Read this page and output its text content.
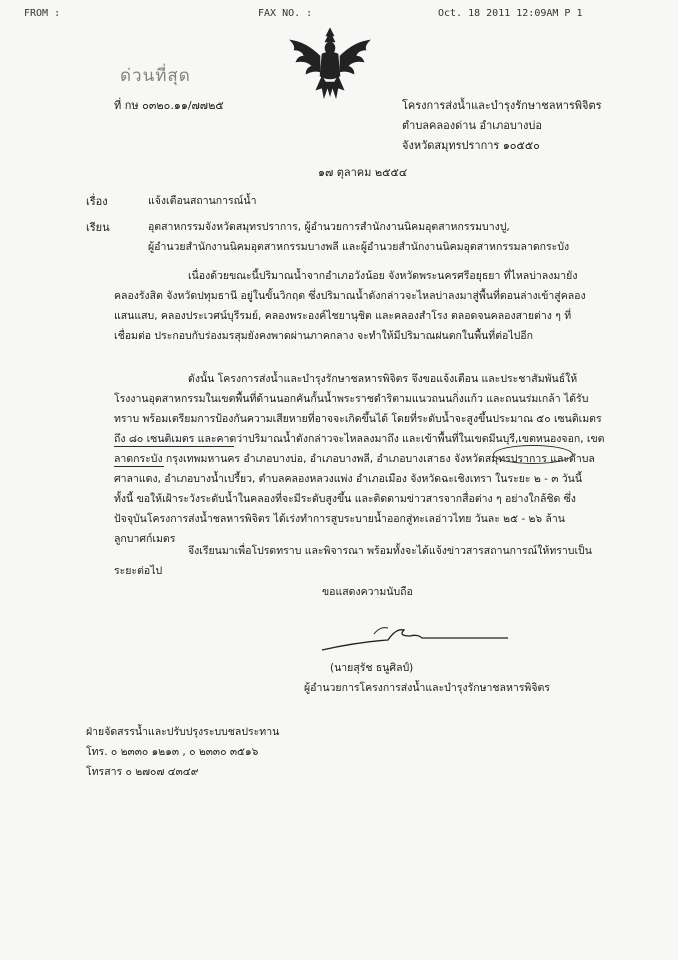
FROM :	FAX NO. :	Oct. 18 2011 12:09AM P 1
ด่วนที่สุด
ที่ กษ ๐๓๒๐.๑๑/๗๗๒๕	โครงการส่งน้ำและบำรุงรักษาชลหารพิจิตร
ตำบลคลองด่าน อำเภอบางบ่อ
จังหวัดสมุทรปราการ ๑๐๕๕๐
๑๗ ตุลาคม ๒๕๕๔
เรื่อง	แจ้งเตือนสถานการณ์น้ำ
เรียน	อุตสาหกรรมจังหวัดสมุทรปราการ, ผู้อำนวยการสำนักงานนิคมอุตสาหกรรมบางปู,
ผู้อำนวยสำนักงานนิคมอุตสาหกรรมบางพลี และผู้อำนวยสำนักงานนิคมอุตสาหกรรมลาดกระบัง
เนื่องด้วยขณะนี้ปริมาณน้ำจากอำเภอวังน้อย จังหวัดพระนครศรีอยุธยา ที่ไหลบ่าลงมายัง
คลองรังสิต จังหวัดปทุมธานี อยู่ในขั้นวิกฤต ซึ่งปริมาณน้ำดังกล่าวจะไหลบ่าลงมาสู่พื้นที่ตอนล่างเข้าสู่คลอง
แสนแสบ, คลองประเวศน์บุรีรมย์, คลองพระองค์ไชยานุชิต และคลองสำโรง ตลอดจนคลองสายต่าง ๆ ที่
เชื่อมต่อ ประกอบกับร่องมรสุมยังคงพาดผ่านภาคกลาง จะทำให้มีปริมาณฝนตกในพื้นที่ต่อไปอีก
ดังนั้น โครงการส่งน้ำและบำรุงรักษาชลหารพิจิตร จึงขอแจ้งเตือน และประชาสัมพันธ์ให้
โรงงานอุตสาหกรรมในเขตพื้นที่ด้านนอกคันกั้นน้ำพระราชดำริตามแนวถนนกิ่งแก้ว และถนนร่มเกล้า ได้รับ
ทราบ พร้อมเตรียมการป้องกันความเสียหายที่อาจจะเกิดขึ้นได้ โดยที่ระดับน้ำจะสูงขึ้นประมาณ ๕๐ เซนติเมตร
ถึง ๘๐ เซนติเมตร และคาดว่าปริมาณน้ำดังกล่าวจะไหลลงมาถึง และเข้าพื้นที่ในเขตมีนบุรี,เขตหนองจอก, เขต
ลาดกระบัง กรุงเทพมหานคร อำเภอบางบ่อ, อำเภอบางพลี, อำเภอบางเสาธง จังหวัดสมุทรปราการ และตำบล
ศาลาแดง, อำเภอบางน้ำเปรี้ยว, ตำบลคลองหลวงแพ่ง อำเภอเมือง จังหวัดฉะเชิงเทรา ในระยะ ๒ - ๓ วันนี้
ทั้งนี้ ขอให้เฝ้าระวังระดับน้ำในคลองที่จะมีระดับสูงขึ้น และติดตามข่าวสารจากสื่อต่าง ๆ อย่างใกล้ชิด ซึ่ง
ปัจจุบันโครงการส่งน้ำชลหารพิจิตร ได้เร่งทำการสูบระบายน้ำออกสู่ทะเลอ่าวไทย วันละ ๒๕ - ๒๖ ล้าน
ลูกบาศก์เมตร
จึงเรียนมาเพื่อโปรดทราบ และพิจารณา พร้อมทั้งจะได้แจ้งข่าวสารสถานการณ์ให้ทราบเป็น
ระยะต่อไป
ขอแสดงความนับถือ
(นายสุรัช ธนูศิลป์)
ผู้อำนวยการโครงการส่งน้ำและบำรุงรักษาชลหารพิจิตร
ฝ่ายจัดสรรน้ำและปรับปรุงระบบชลประทาน
โทร. ๐ ๒๓๓๐ ๑๒๑๓ , ๐ ๒๓๓๐ ๓๕๑๖
โทรสาร ๐ ๒๗๐๗ ๔๓๔๙
